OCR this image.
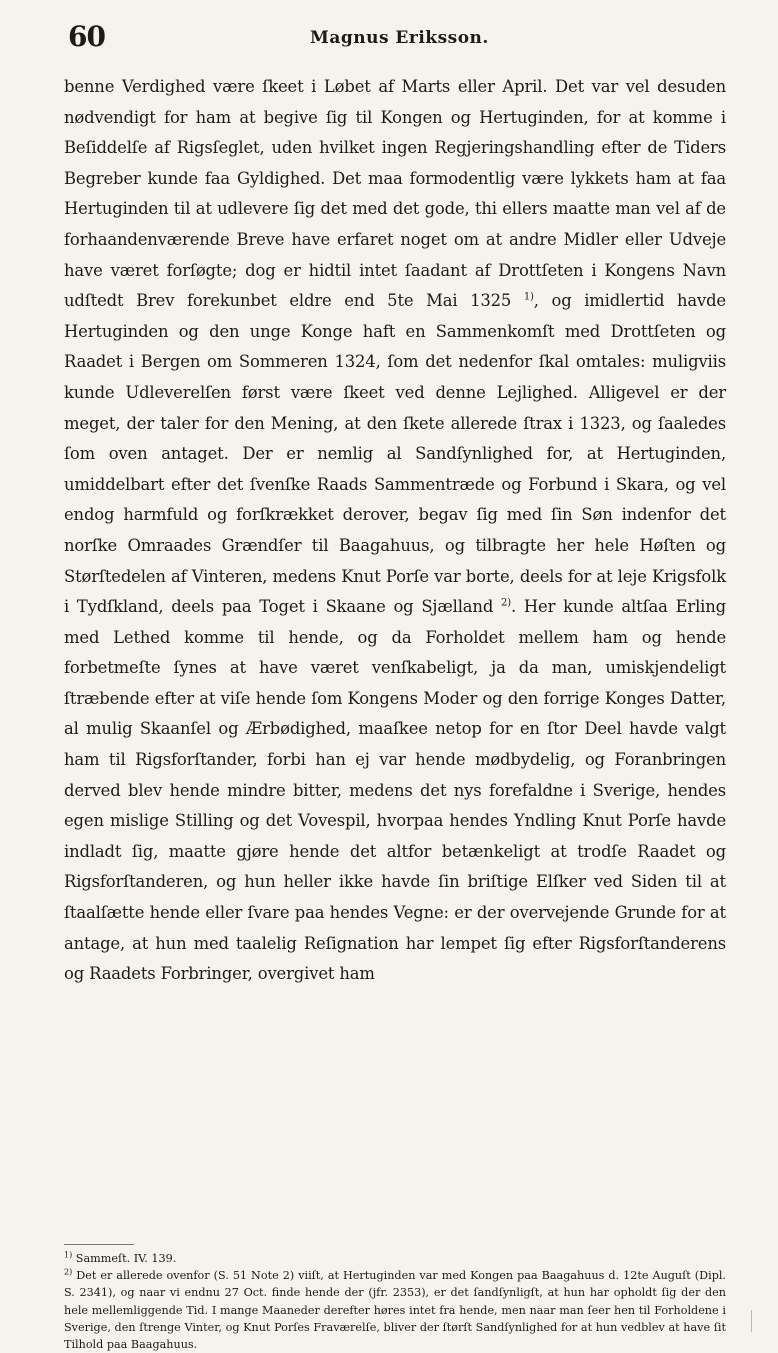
60	Magnus Eriksson.

benne Verdighed være ſkeet i Løbet af Marts eller April. Det var vel desuden nødvendigt for ham at begive ſig til Kongen og Hertuginden, for at komme i Beſiddelſe af Rigsſeglet, uden hvilket ingen Regjeringshandling efter de Tiders Begreber kunde faa Gyldighed. Det maa formodentlig være lykkets ham at faa Hertuginden til at udlevere ſig det med det gode, thi ellers maatte man vel af de forhaandenværende Breve have erfaret noget om at andre Midler eller Udveje have været forſøgte; dog er hidtil intet ſaadant af Drottſeten i Kongens Navn udſtedt Brev forekunbet eldre end 5te Mai 1325 $^{1)}$, og imidlertid havde Hertuginden og den unge Konge haft en Sammenkomſt med Drottſeten og Raadet i Bergen om Sommeren 1324, ſom det nedenfor ſkal omtales: muligviis kunde Udleverelſen først være ſkeet ved denne Lejlighed. Alligevel er der meget, der taler for den Mening, at den ſkete allerede ſtrax i 1323, og ſaaledes ſom oven antaget. Der er nemlig al Sandſynlighed for, at Hertuginden, umiddelbart efter det ſvenſke Raads Sammentræde og Forbund i Skara, og vel endog harmfuld og forſkrækket derover, begav ſig med ſin Søn indenfor det norſke Omraades Grændſer til Baagahuus, og tilbragte her hele Høſten og Størſtedelen af Vinteren, medens Knut Porſe var borte, deels for at leje Krigsfolk i Tydſkland, deels paa Toget i Skaane og Sjælland $^{2)}$. Her kunde altſaa Erling med Lethed komme til hende, og da Forholdet mellem ham og hende forbetmeſte ſynes at have været venſkabeligt, ja da man, umiskjendeligt ſtræbende efter at viſe hende ſom Kongens Moder og den forrige Konges Datter, al mulig Skaanſel og Ærbødighed, maaſkee netop for en ſtor Deel havde valgt ham til Rigsforſtander, forbi han ej var hende mødbydelig, og Foranbringen derved blev hende mindre bitter, medens det nys forefaldne i Sverige, hendes egen mislige Stilling og det Vovespil, hvorpaa hendes Yndling Knut Porſe havde indladt ſig, maatte gjøre hende det altfor betænkeligt at trodſe Raadet og Rigsforſtanderen, og hun heller ikke havde ſin briſtige Elſker ved Siden til at ſtaalſætte hende eller ſvare paa hendes Vegne: er der overvejende Grunde for at antage, at hun med taalelig Reſignation har lempet ſig efter Rigsforſtanderens og Raadets Forbringer, overgivet ham

$^{1)}$ Sammeſt. IV. 139.

$^{2)}$ Det er allerede ovenfor (S. 51 Note 2) viiſt, at Hertuginden var med Kongen paa Baagahuus d. 12te Auguſt (Dipl. S. 2341), og naar vi endnu 27 Oct. finde hende der (jfr. 2353), er det ſandſynligſt, at hun har opholdt ſig der den hele mellemliggende Tid. I mange Maaneder derefter høres intet fra hende, men naar man ſeer hen til Forholdene i Sverige, den ſtrenge Vinter, og Knut Porſes Fraværelſe, bliver der ſtørſt Sandſynlighed for at hun vedblev at have ſit Tilhold paa Baagahuus.
